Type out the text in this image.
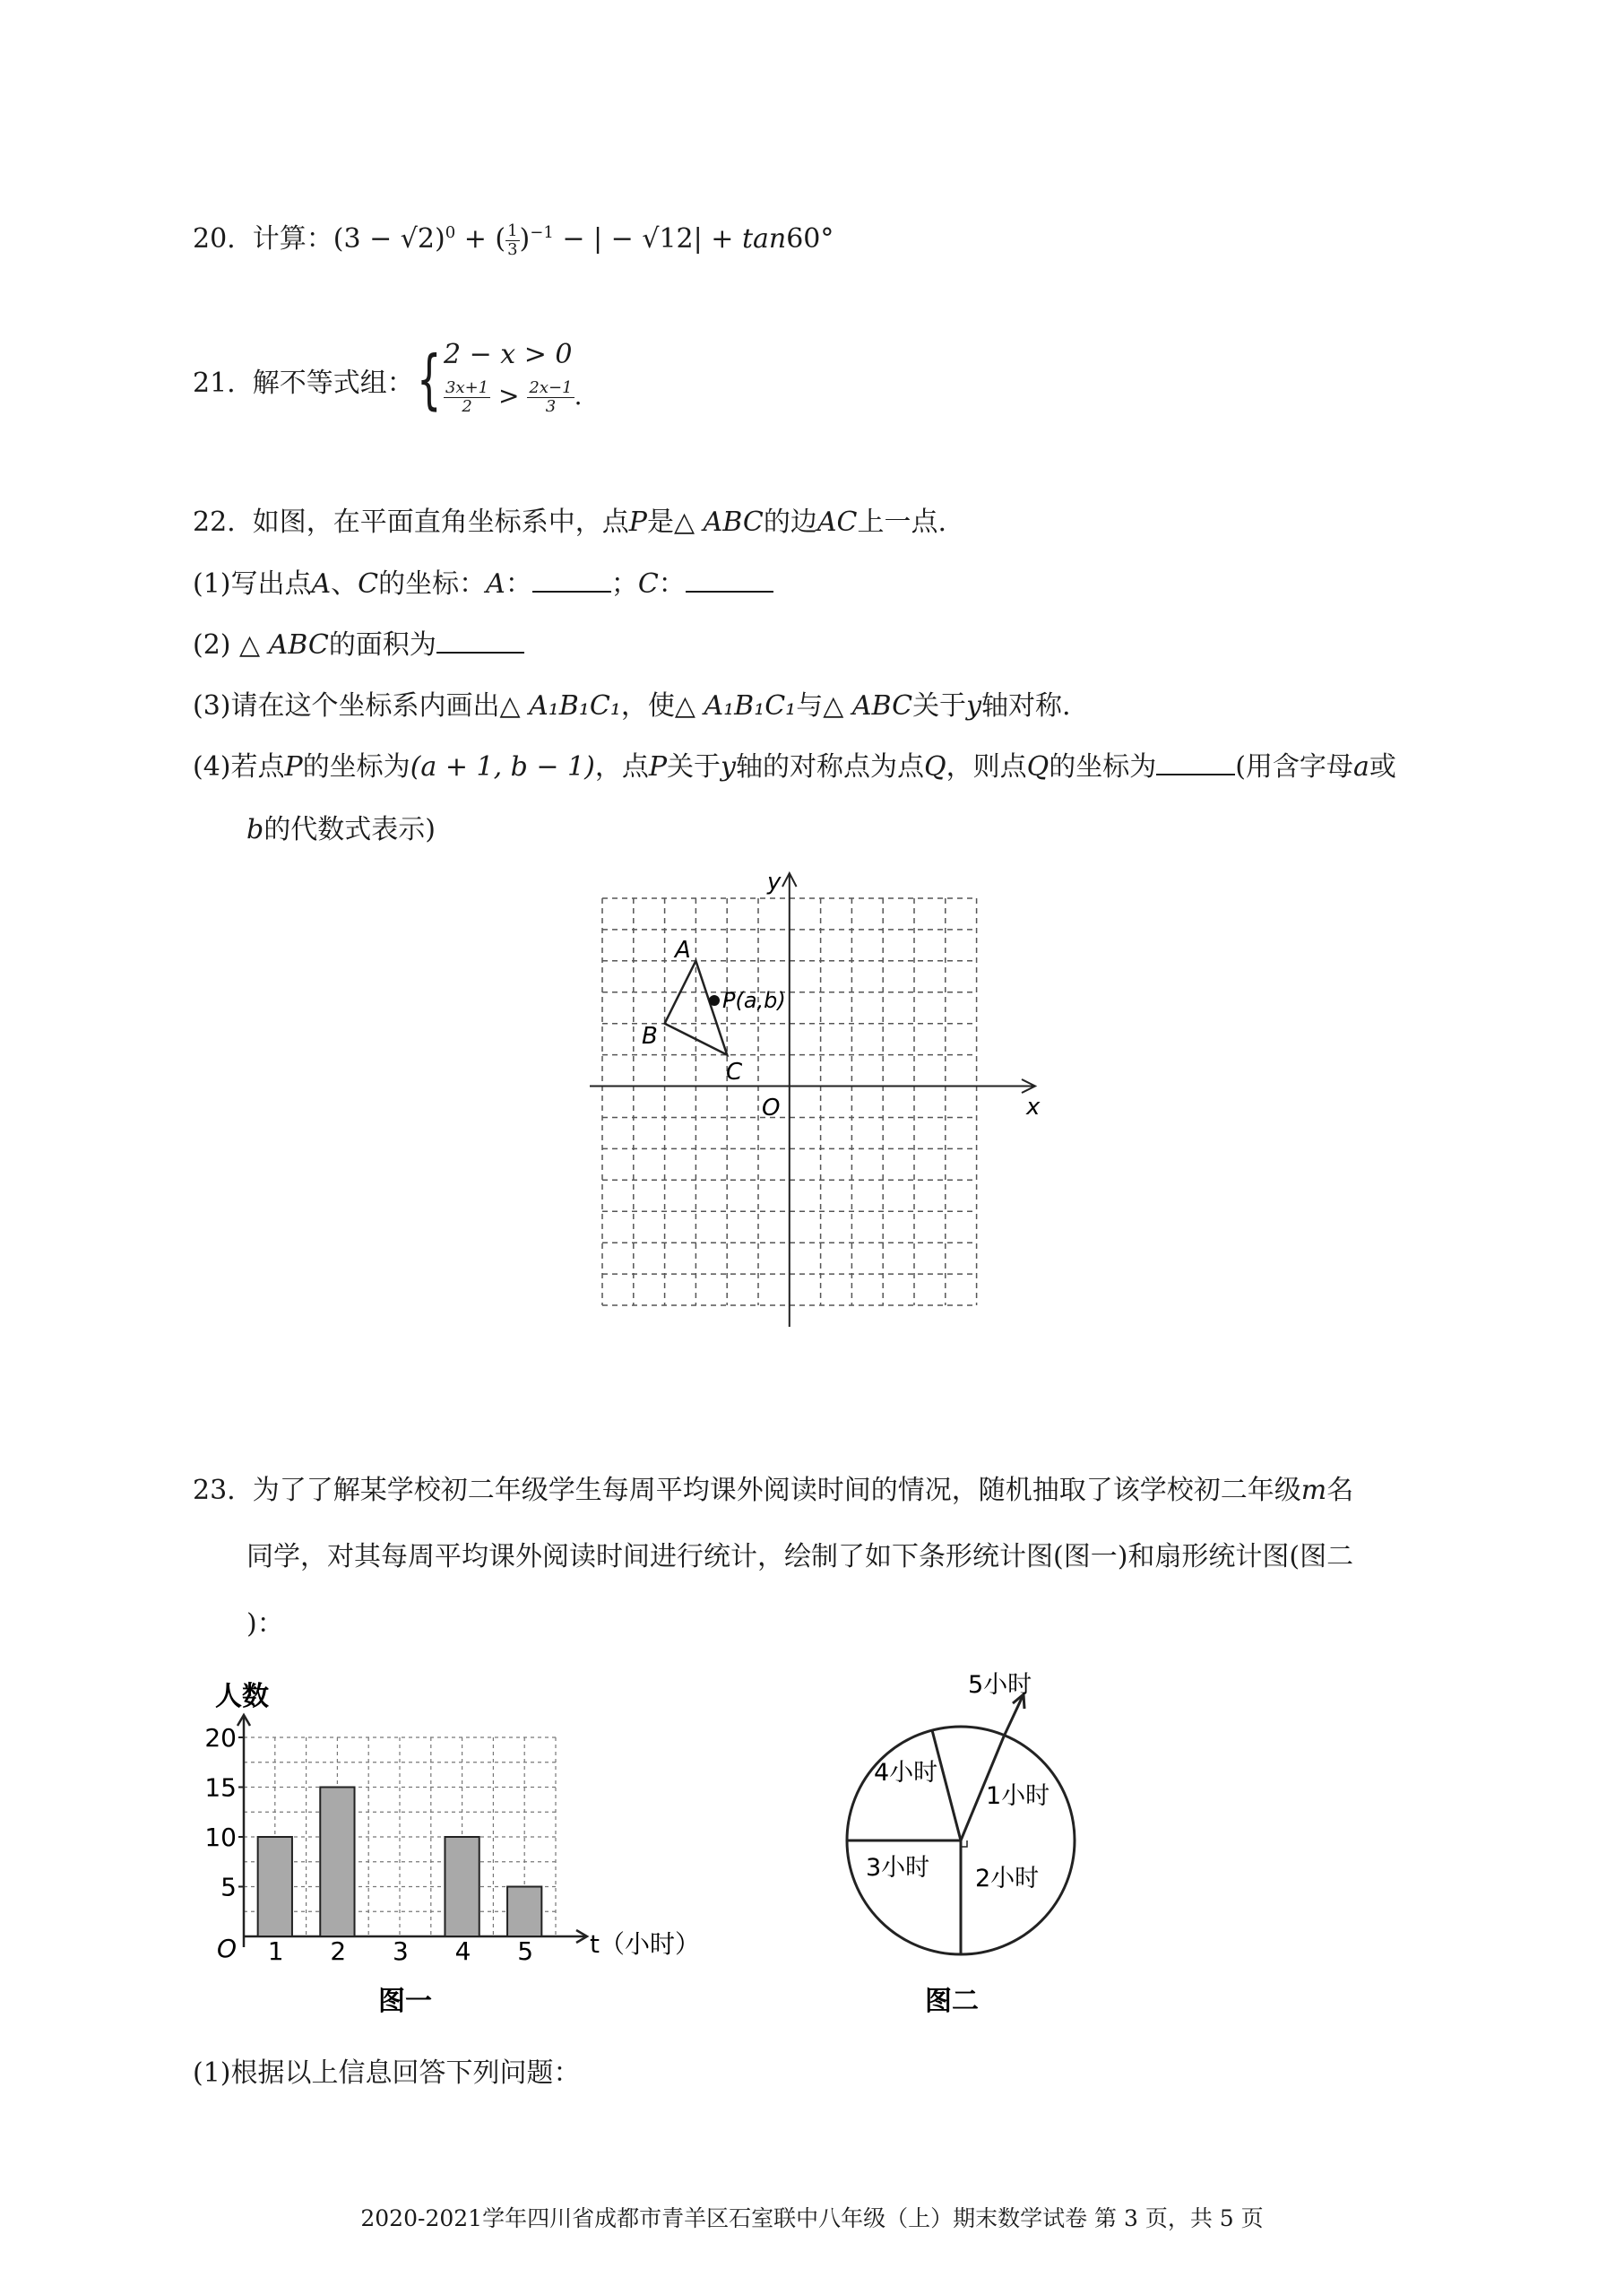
20. 计算：$(3 - √2)^0$ + ( $\frac{1}{3} )^{-1}$ − | − √12| + tan60°
21. 解不等式组： { 2 − x > 0
$\frac{3x+1}{2} > \frac{2x-1}{3}$ .
22. 如图，在平面直角坐标系中，点P是△ ABC的边AC上一点.
(1)写出点A、C的坐标：A：	；C：
(2) △ ABC的面积为
(3)请在这个坐标系内画出△ A₁B₁C₁，使△ A₁B₁C₁与△ ABC关于y轴对称.
(4)若点P的坐标为(a + 1, b − 1)，点P关于y轴的对称点为点Q，则点Q的坐标为	(用含字母a或
b的代数式表示)
y
x
O
A
B
C
P(a,b)
23. 为了了解某学校初二年级学生每周平均课外阅读时间的情况，随机抽取了该学校初二年级m名
同学，对其每周平均课外阅读时间进行统计，绘制了如下条形统计图(图一)和扇形统计图(图二
)：
人数
5
10
15
20
1 2 3 4 5
O	t（小时）
图一
5小时
4小时
1小时
3小时 2小时
图二
(1)根据以上信息回答下列问题：
2020-2021学年四川省成都市青羊区石室联中八年级（上）期末数学试卷 第 3 页，共 5 页
